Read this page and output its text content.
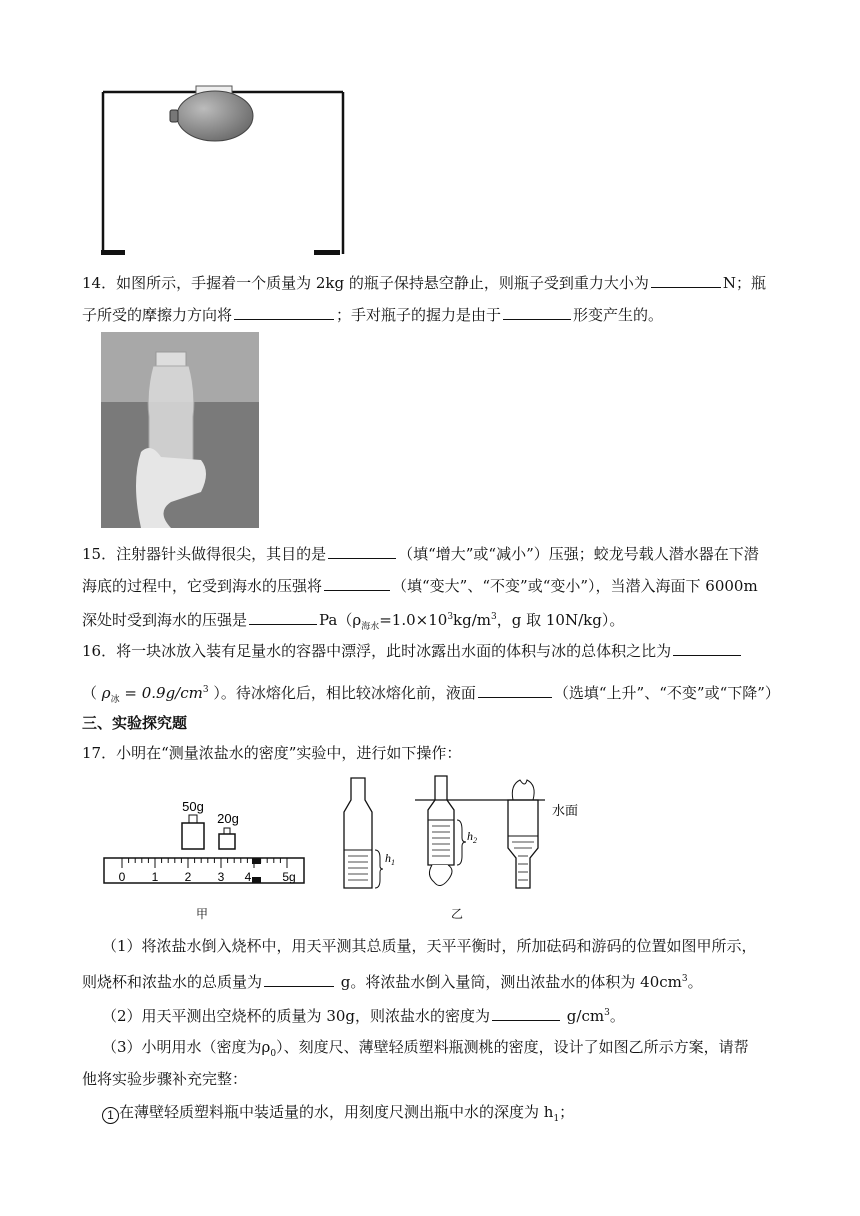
14．如图所示，手握着一个质量为 2kg 的瓶子保持悬空静止，则瓶子受到重力大小为	N；瓶
子所受的摩擦力方向将	；手对瓶子的握力是由于	形变产生的。
15．注射器针头做得很尖，其目的是	（填“增大”或“减小”）压强；蛟龙号载人潜水器在下潜
海底的过程中，它受到海水的压强将	（填“变大”、“不变”或“变小”），当潜入海面下 6000m
深处时受到海水的压强是	$Pa(\rho_{海水}=1.0\times 10^3kg/m^3$，g 取 10N/kg）。
16．将一块冰放入装有足量水的容器中漂浮，此时冰露出水面的体积与冰的总体积之比为
（ $\rho_冰 = 0.9g/cm^3$ ）。待冰熔化后，相比较冰熔化前，液面	（选填“上升”、“不变”或“下降”）
三、实验探究题
17．小明在“测量浓盐水的密度”实验中，进行如下操作：
50g
20g
0 1 2 3 4	5g
甲
$h_1$
$h_2$
水面
乙
（1）将浓盐水倒入烧杯中，用天平测其总质量，天平平衡时，所加砝码和游码的位置如图甲所示，
则烧杯和浓盐水的总质量为	g。将浓盐水倒入量筒，测出浓盐水的体积为 $40cm^3$。
（2）用天平测出空烧杯的质量为 30g，则浓盐水的密度为	$g/cm^3$。
（3）小明用水（密度为$\rho_0$）、刻度尺、薄壁轻质塑料瓶测桃的密度，设计了如图乙所示方案，请帮
他将实验步骤补充完整：
1 在薄壁轻质塑料瓶中装适量的水，用刻度尺测出瓶中水的深度为 $h_1$；
